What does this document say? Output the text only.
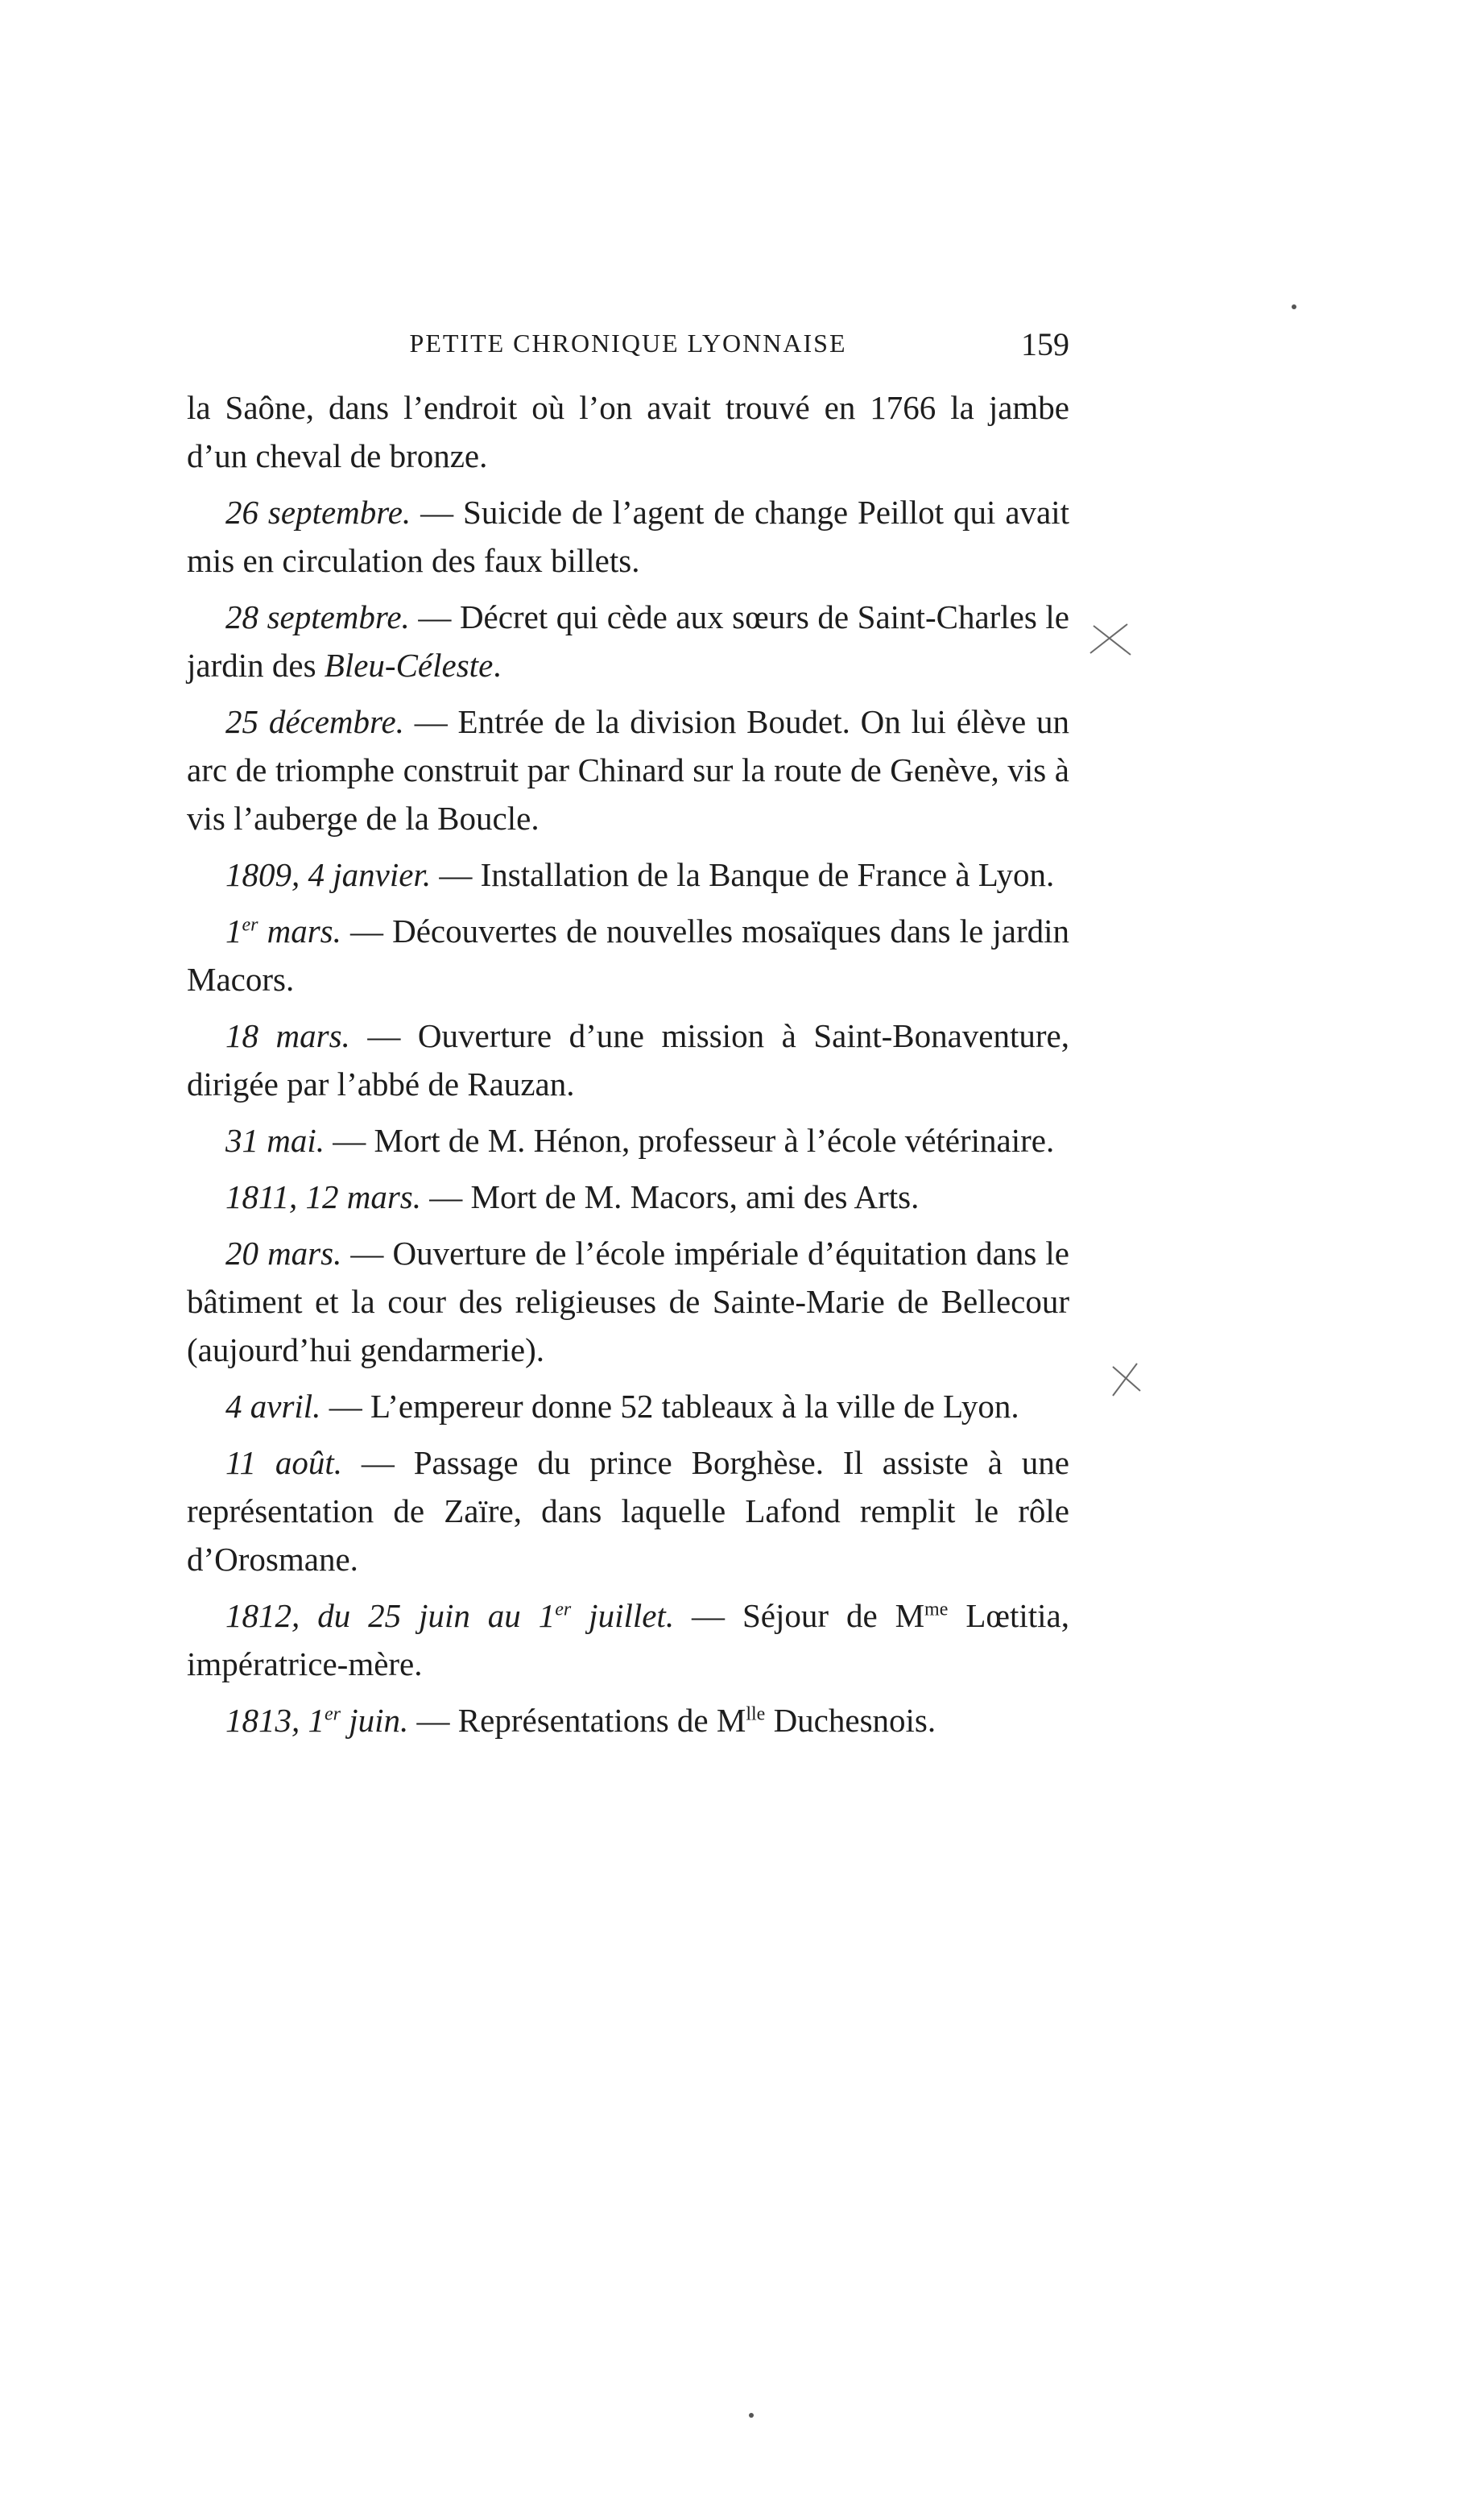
PETITE CHRONIQUE LYONNAISE	159

la Saône, dans l’endroit où l’on avait trouvé en 1766 la jambe d’un cheval de bronze.

26 septembre. — Suicide de l’agent de change Peillot qui avait mis en circulation des faux billets.

28 septembre. — Décret qui cède aux sœurs de Saint-Charles le jardin des Bleu-Céleste.

25 décembre. — Entrée de la division Boudet. On lui élève un arc de triomphe construit par Chinard sur la route de Genève, vis à vis l’auberge de la Boucle.

1809, 4 janvier. — Installation de la Banque de France à Lyon.

1er mars. — Découvertes de nouvelles mosaïques dans le jardin Macors.

18 mars. — Ouverture d’une mission à Saint-Bonaventure, dirigée par l’abbé de Rauzan.

31 mai. — Mort de M. Hénon, professeur à l’école vétérinaire.

1811, 12 mars. — Mort de M. Macors, ami des Arts.

20 mars. — Ouverture de l’école impériale d’équitation dans le bâtiment et la cour des religieuses de Sainte-Marie de Bellecour (aujourd’hui gendarmerie).

4 avril. — L’empereur donne 52 tableaux à la ville de Lyon.

11 août. — Passage du prince Borghèse. Il assiste à une représentation de Zaïre, dans laquelle Lafond remplit le rôle d’Orosmane.

1812, du 25 juin au 1er juillet. — Séjour de $M^{me}$ Lœtitia, impératrice-mère.

1813, 1er juin. — Représentations de $M^{lle}$ Duchesnois.
